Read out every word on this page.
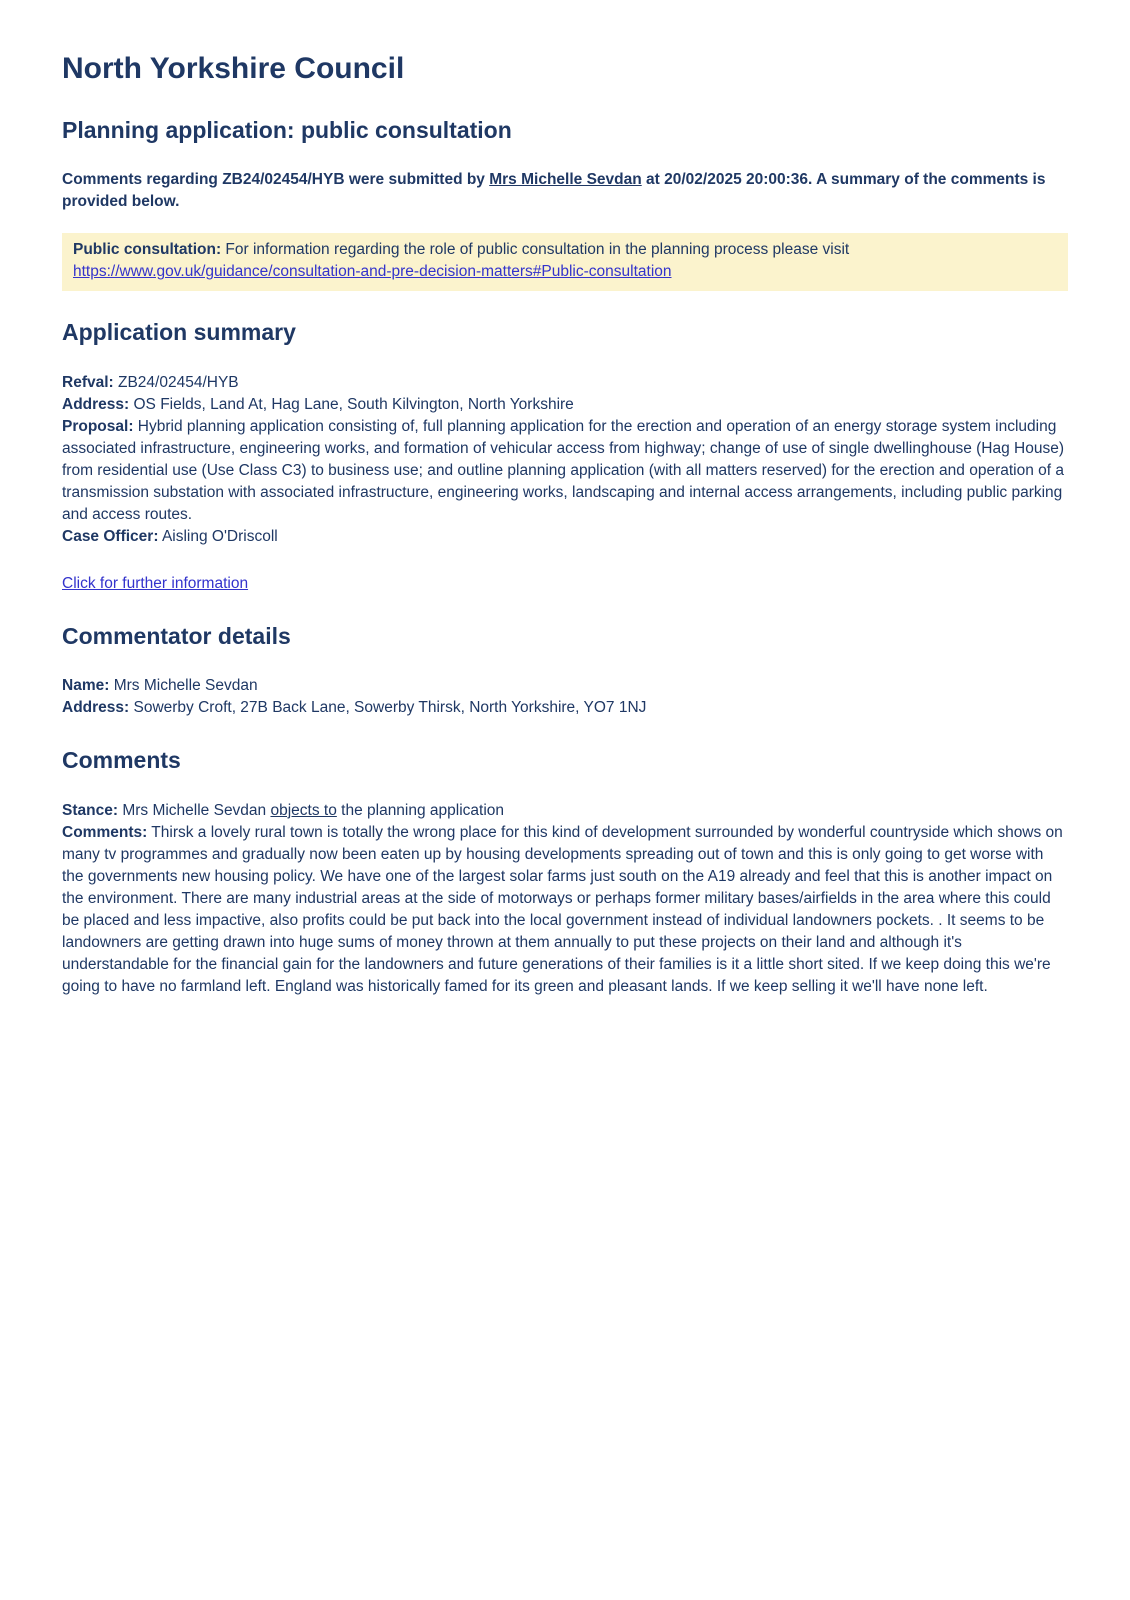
North Yorkshire Council
Planning application: public consultation

Comments regarding ZB24/02454/HYB were submitted by Mrs Michelle Sevdan at 20/02/2025 20:00:36. A summary of the comments is provided below.

Public consultation: For information regarding the role of public consultation in the planning process please visit https://www.gov.uk/guidance/consultation-and-pre-decision-matters#Public-consultation
Application summary
Refval: ZB24/02454/HYB
Address: OS Fields, Land At, Hag Lane, South Kilvington, North Yorkshire
Proposal: Hybrid planning application consisting of, full planning application for the erection and operation of an energy storage system including associated infrastructure, engineering works, and formation of vehicular access from highway; change of use of single dwellinghouse (Hag House) from residential use (Use Class C3) to business use; and outline planning application (with all matters reserved) for the erection and operation of a transmission substation with associated infrastructure, engineering works, landscaping and internal access arrangements, including public parking and access routes.
Case Officer: Aisling O'Driscoll

Click for further information

Commentator details
Name: Mrs Michelle Sevdan
Address: Sowerby Croft, 27B Back Lane, Sowerby Thirsk, North Yorkshire, YO7 1NJ
Comments
Stance: Mrs Michelle Sevdan objects to the planning application
Comments: Thirsk a lovely rural town is totally the wrong place for this kind of development surrounded by wonderful countryside which shows on many tv programmes and gradually now been eaten up by housing developments spreading out of town and this is only going to get worse with the governments new housing policy. We have one of the largest solar farms just south on the A19 already and feel that this is another impact on the environment. There are many industrial areas at the side of motorways or perhaps former military bases/airfields in the area where this could be placed and less impactive, also profits could be put back into the local government instead of individual landowners pockets. . It seems to be landowners are getting drawn into huge sums of money thrown at them annually to put these projects on their land and although it's understandable for the financial gain for the landowners and future generations of their families is it a little short sited. If we keep doing this we're going to have no farmland left. England was historically famed for its green and pleasant lands. If we keep selling it we'll have none left.
